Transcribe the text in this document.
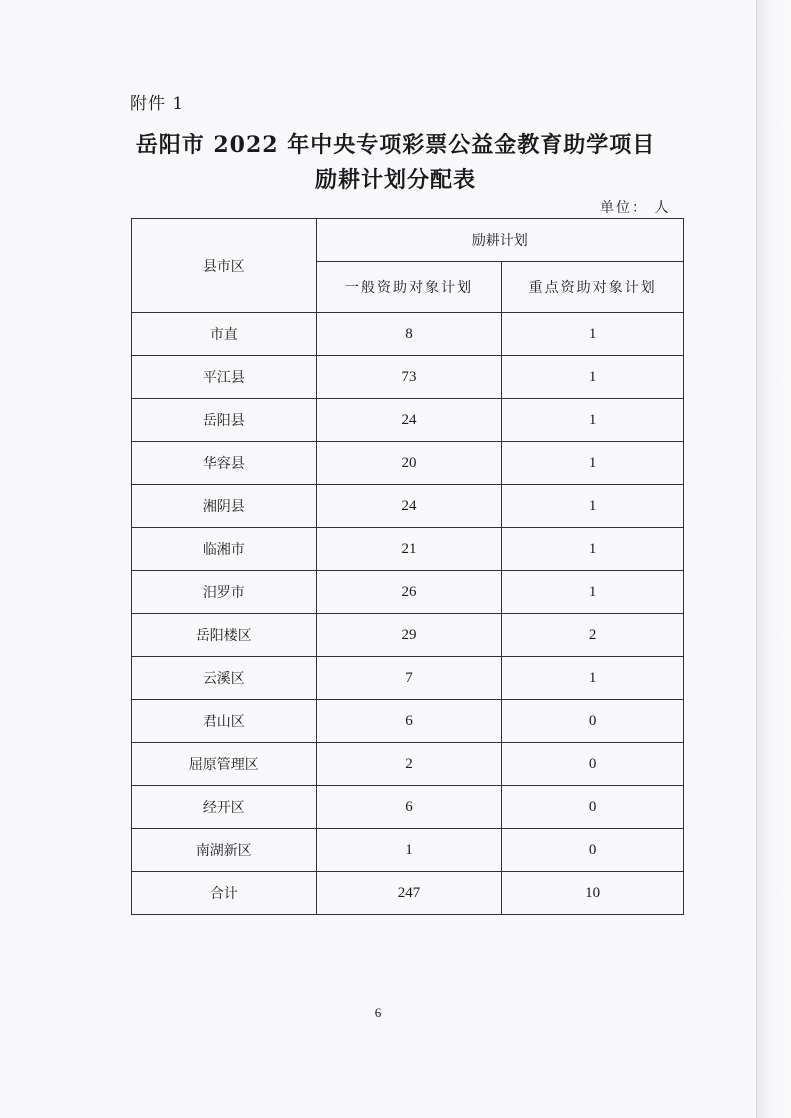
附件 1
岳阳市 2022 年中央专项彩票公益金教育助学项目
励耕计划分配表
单位： 人
县市区	励耕计划	
	一般资助对象计划	重点资助对象计划
市直	8	1
平江县	73	1
岳阳县	24	1
华容县	20	1
湘阴县	24	1
临湘市	21	1
汨罗市	26	1
岳阳楼区	29	2
云溪区	7	1
君山区	6	0
屈原管理区	2	0
经开区	6	0
南湖新区	1	0
合计	247	10
6
